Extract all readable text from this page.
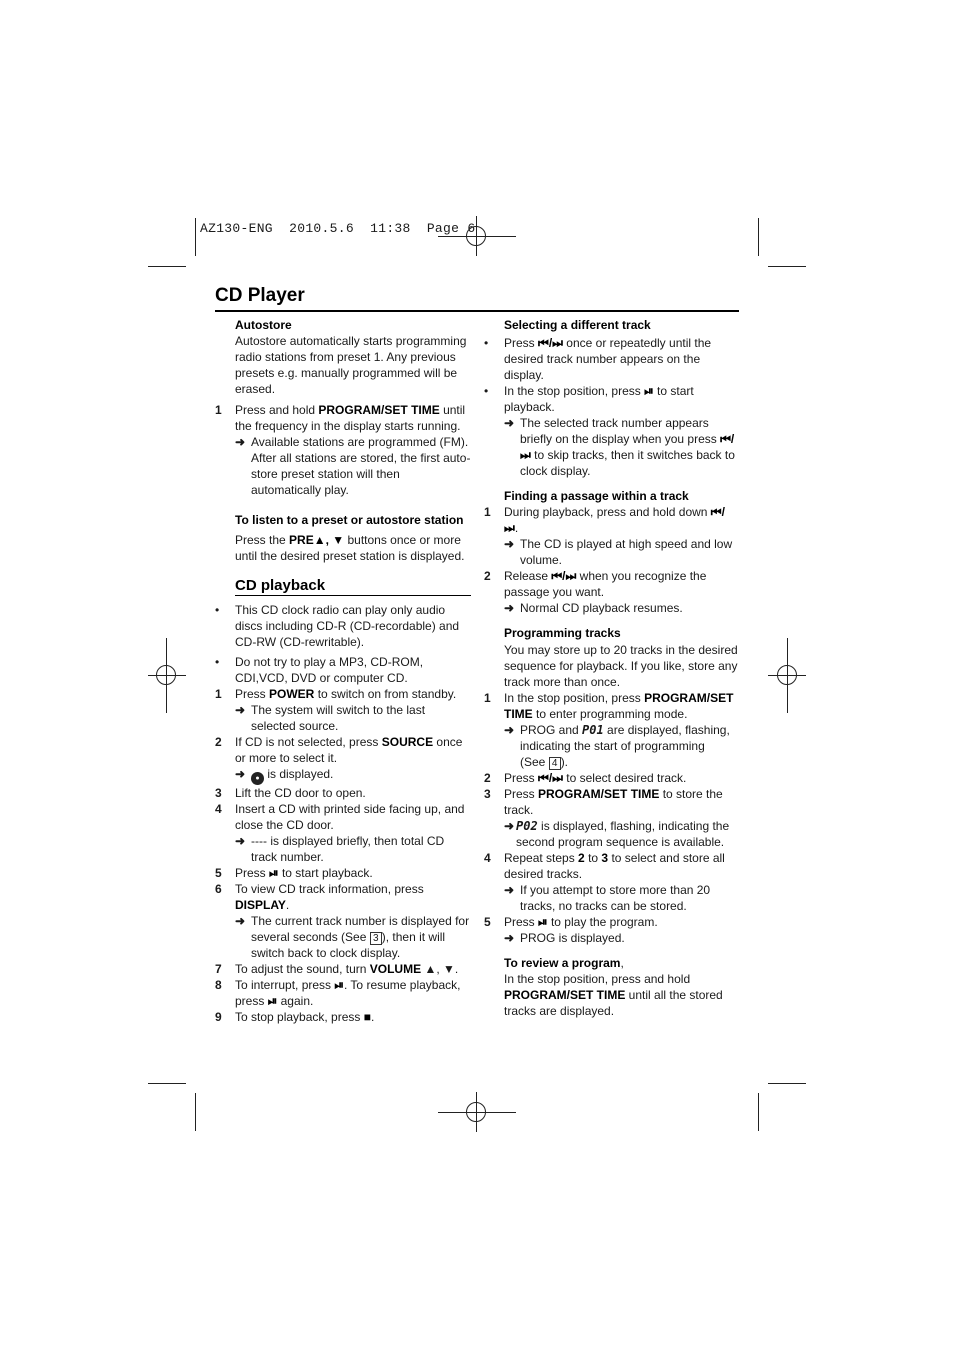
AZ130-ENG  2010.5.6  11:38  Page 6
CD Player
Autostore

Autostore automatically starts programming radio stations from preset 1. Any previous presets e.g. manually programmed will be erased.

1 Press and hold PROGRAM/SET TIME until the frequency in the display starts running.
➜ Available stations are programmed (FM). After all stations are stored, the first auto-store preset station will then automatically play.
To listen to a preset or autostore station

Press the PRE▲, ▼ buttons once or more until the desired preset station is displayed.

CD playback
• This CD clock radio can play only audio discs including CD-R (CD-recordable) and CD-RW (CD-rewritable).
• Do not try to play a MP3, CD-ROM, CDI,VCD, DVD or computer CD.
1 Press POWER to switch on from standby.
➜ The system will switch to the last selected source.
2 If CD is not selected, press SOURCE once or more to select it.
➜ ● is displayed.
3 Lift the CD door to open.
4 Insert a CD with printed side facing up, and close the CD door.
➜ ---- is displayed briefly, then total CD track number.
5 Press ⏯ to start playback.
6 To view CD track information, press DISPLAY.
➜ The current track number is displayed for several seconds (See 3 ), then it will switch back to clock display.
7 To adjust the sound, turn VOLUME ▲, ▼.
8 To interrupt, press ⏯. To resume playback, press ⏯ again.
9 To stop playback, press ■.
Selecting a different track
• Press ⏮/⏭ once or repeatedly until the desired track number appears on the display.
• In the stop position, press ⏯ to start playback.
➜ The selected track number appears briefly on the display when you press ⏮/⏭ to skip tracks, then it switches back to clock display.
Finding a passage within a track
1 During playback, press and hold down ⏮/⏭.
➜ The CD is played at high speed and low volume.
2 Release ⏮/⏭ when you recognize the passage you want.
➜ Normal CD playback resumes.
Programming tracks

You may store up to 20 tracks in the desired sequence for playback. If you like, store any track more than once.

1 In the stop position, press PROGRAM/SET TIME to enter programming mode.
➜ PROG and P01 are displayed, flashing, indicating the start of programming
(See 4 ).
2 Press ⏮/⏭ to select desired track.
3 Press PROGRAM/SET TIME to store the track.
➜ P02 is displayed, flashing, indicating the second program sequence is available.
4 Repeat steps 2 to 3 to select and store all desired tracks.
➜ If you attempt to store more than 20 tracks, no tracks can be stored.
5 Press ⏯ to play the program.
➜ PROG is displayed.
To review a program,

In the stop position, press and hold PROGRAM/SET TIME until all the stored tracks are displayed.
